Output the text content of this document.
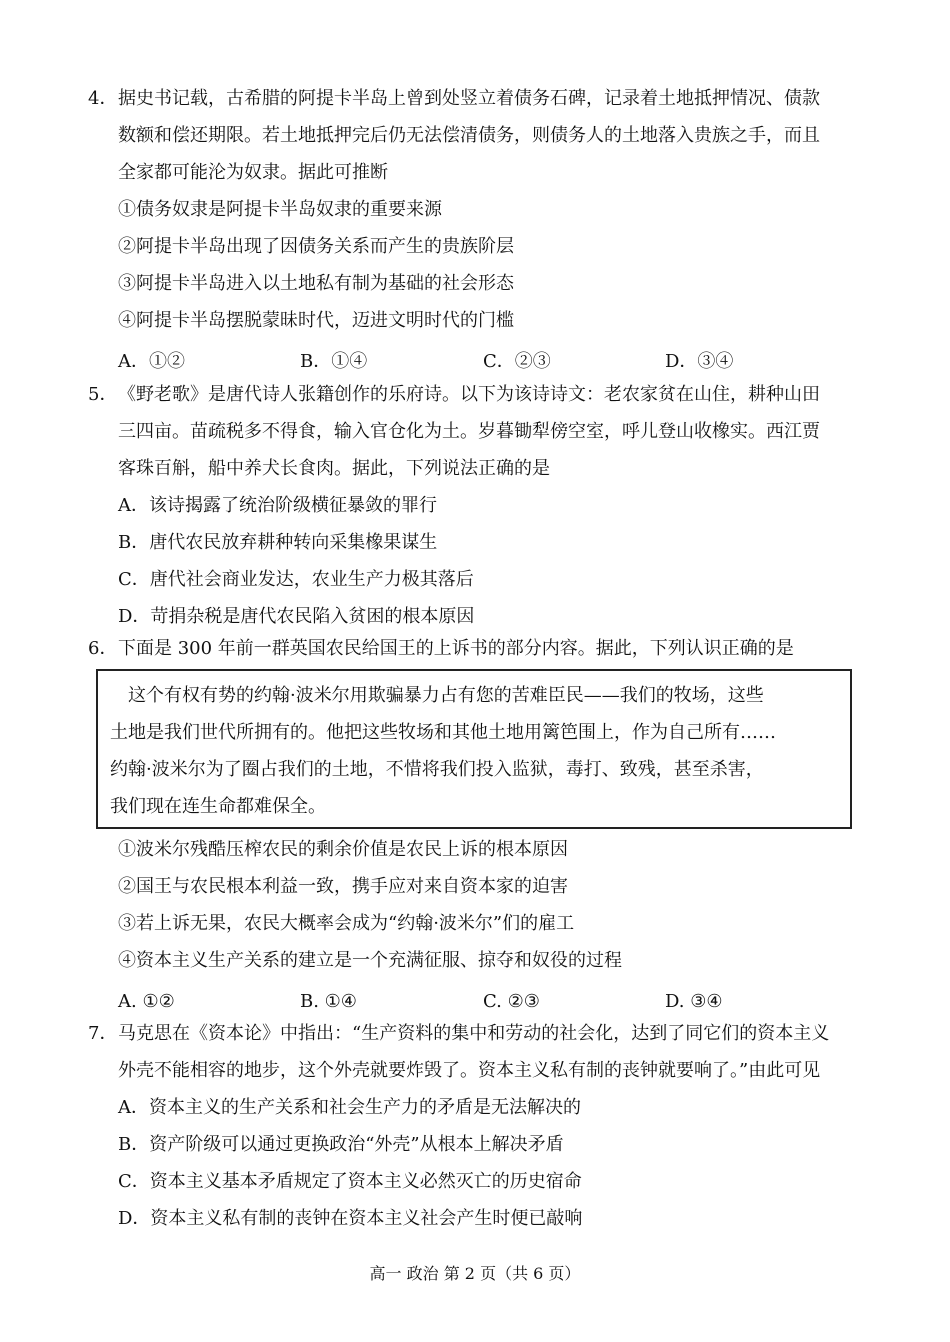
4．据史书记载，古希腊的阿提卡半岛上曾到处竖立着债务石碑，记录着土地抵押情况、债款
数额和偿还期限。若土地抵押完后仍无法偿清债务，则债务人的土地落入贵族之手，而且
全家都可能沦为奴隶。据此可推断
①债务奴隶是阿提卡半岛奴隶的重要来源
②阿提卡半岛出现了因债务关系而产生的贵族阶层
③阿提卡半岛进入以土地私有制为基础的社会形态
④阿提卡半岛摆脱蒙昧时代，迈进文明时代的门槛
A．①②	B．①④	C．②③	D．③④
5．《野老歌》是唐代诗人张籍创作的乐府诗。以下为该诗诗文：老农家贫在山住，耕种山田
三四亩。苗疏税多不得食，输入官仓化为土。岁暮锄犁傍空室，呼儿登山收橡实。西江贾
客珠百斛，船中养犬长食肉。据此，下列说法正确的是
A．该诗揭露了统治阶级横征暴敛的罪行
B．唐代农民放弃耕种转向采集橡果谋生
C．唐代社会商业发达，农业生产力极其落后
D．苛捐杂税是唐代农民陷入贫困的根本原因
6．下面是 300 年前一群英国农民给国王的上诉书的部分内容。据此，下列认识正确的是
　这个有权有势的约翰·波米尔用欺骗暴力占有您的苦难臣民——我们的牧场，这些
土地是我们世代所拥有的。他把这些牧场和其他土地用篱笆围上，作为自己所有……
约翰·波米尔为了圈占我们的土地，不惜将我们投入监狱，毒打、致残，甚至杀害，
我们现在连生命都难保全。
①波米尔残酷压榨农民的剩余价值是农民上诉的根本原因
②国王与农民根本利益一致，携手应对来自资本家的迫害
③若上诉无果，农民大概率会成为“约翰·波米尔”们的雇工
④资本主义生产关系的建立是一个充满征服、掠夺和奴役的过程
A. ①②	B. ①④	C. ②③	D. ③④
7．马克思在《资本论》中指出：“生产资料的集中和劳动的社会化，达到了同它们的资本主义
外壳不能相容的地步，这个外壳就要炸毁了。资本主义私有制的丧钟就要响了。”由此可见
A．资本主义的生产关系和社会生产力的矛盾是无法解决的
B．资产阶级可以通过更换政治“外壳”从根本上解决矛盾
C．资本主义基本矛盾规定了资本主义必然灭亡的历史宿命
D．资本主义私有制的丧钟在资本主义社会产生时便已敲响
高一 政治 第 2 页（共 6 页）
